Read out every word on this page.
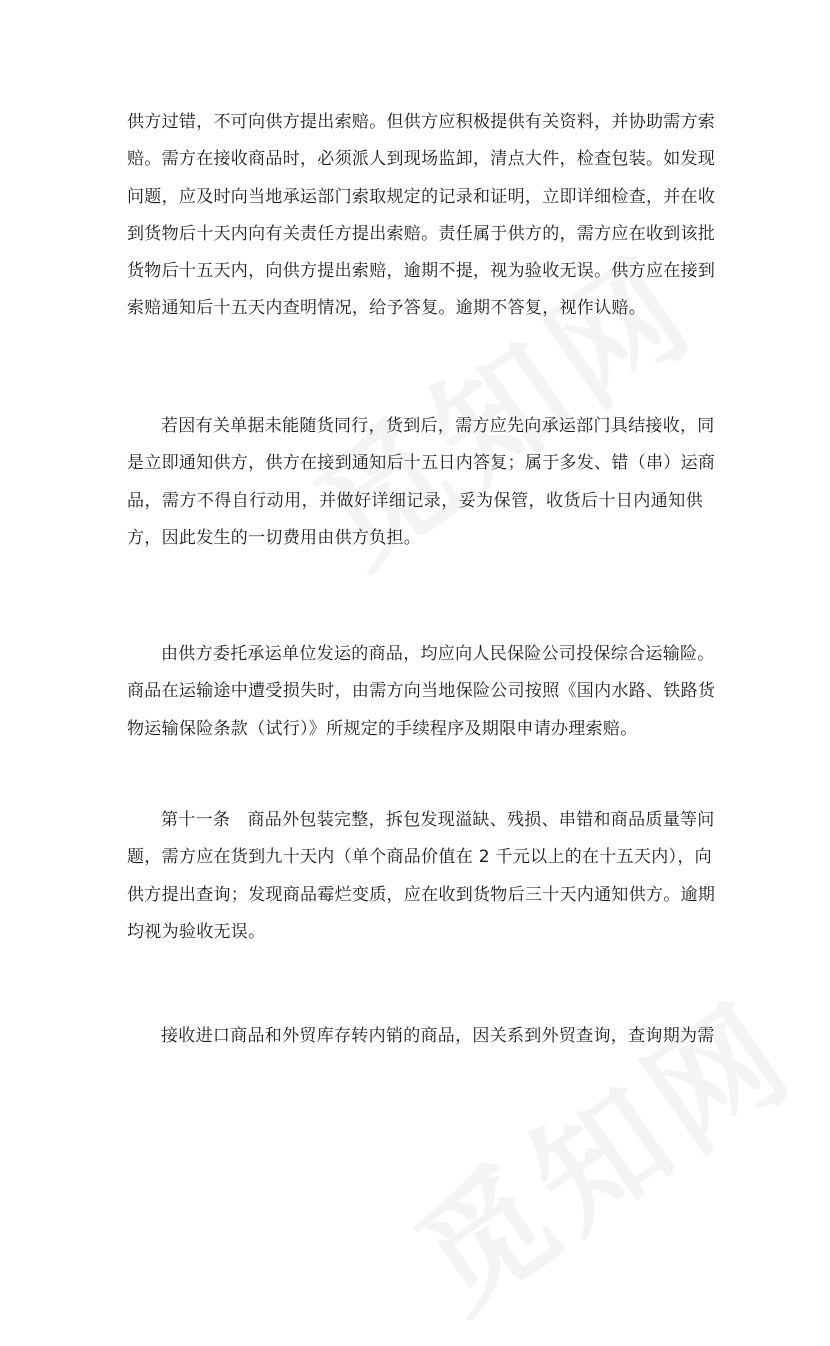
供方过错，不可向供方提出索赔。但供方应积极提供有关资料，并协助需方索
赔。需方在接收商品时，必须派人到现场监卸，清点大件，检查包装。如发现
问题，应及时向当地承运部门索取规定的记录和证明，立即详细检查，并在收
到货物后十天内向有关责任方提出索赔。责任属于供方的，需方应在收到该批
货物后十五天内，向供方提出索赔，逾期不提，视为验收无误。供方应在接到
索赔通知后十五天内查明情况，给予答复。逾期不答复，视作认赔。
若因有关单据未能随货同行，货到后，需方应先向承运部门具结接收，同
是立即通知供方，供方在接到通知后十五日内答复；属于多发、错（串）运商
品，需方不得自行动用，并做好详细记录，妥为保管，收货后十日内通知供
方，因此发生的一切费用由供方负担。
由供方委托承运单位发运的商品，均应向人民保险公司投保综合运输险。
商品在运输途中遭受损失时，由需方向当地保险公司按照《国内水路、铁路货
物运输保险条款（试行）》所规定的手续程序及期限申请办理索赔。
第十一条　商品外包装完整，拆包发现溢缺、残损、串错和商品质量等问
题，需方应在货到九十天内（单个商品价值在 2 千元以上的在十五天内），向
供方提出查询；发现商品霉烂变质，应在收到货物后三十天内通知供方。逾期
均视为验收无误。
接收进口商品和外贸库存转内销的商品，因关系到外贸查询，查询期为需
